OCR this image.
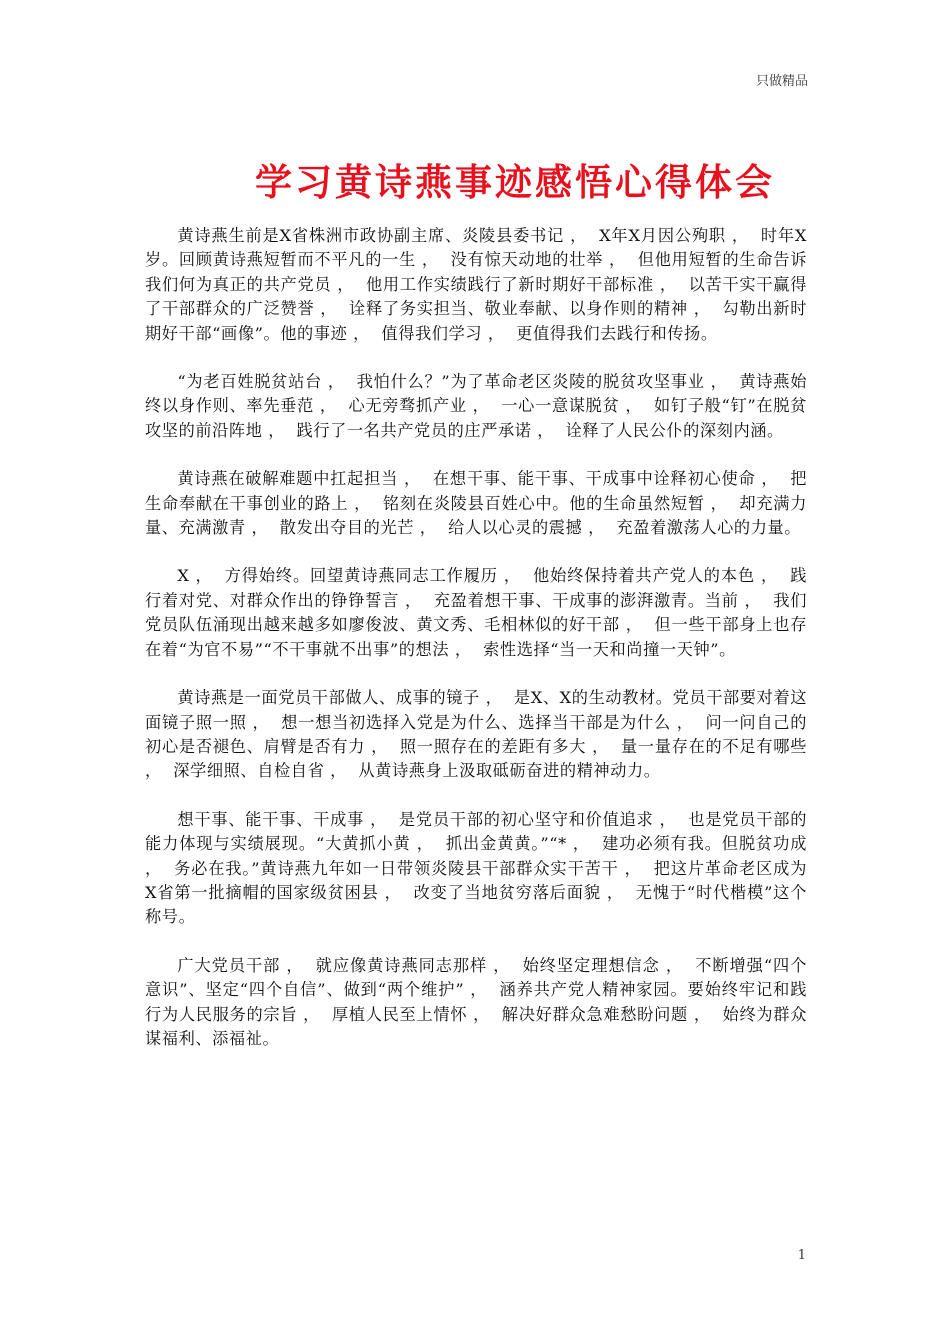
只做精品
学习黄诗燕事迹感悟心得体会

黄诗燕生前是X省株洲市政协副主席、炎陵县委书记 ，  X年X月因公殉职 ，  时年X岁。回顾黄诗燕短暂而不平凡的一生 ，  没有惊天动地的壮举 ，  但他用短暂的生命告诉我们何为真正的共产党员 ，  他用工作实绩践行了新时期好干部标准 ，  以苦干实干赢得了干部群众的广泛赞誉 ，  诠释了务实担当、敬业奉献、以身作则的精神 ，  勾勒出新时期好干部“画像”。他的事迹 ，  值得我们学习 ，  更值得我们去践行和传扬。

“为老百姓脱贫站台 ，  我怕什么？”为了革命老区炎陵的脱贫攻坚事业 ，  黄诗燕始终以身作则、率先垂范 ，  心无旁骛抓产业 ，  一心一意谋脱贫 ，  如钉子般“钉”在脱贫攻坚的前沿阵地 ，  践行了一名共产党员的庄严承诺 ，  诠释了人民公仆的深刻内涵。

黄诗燕在破解难题中扛起担当 ，  在想干事、能干事、干成事中诠释初心使命 ，  把生命奉献在干事创业的路上 ，  铭刻在炎陵县百姓心中。他的生命虽然短暂 ，  却充满力量、充满激青 ，  散发出夺目的光芒 ，  给人以心灵的震撼 ，  充盈着激荡人心的力量。

X ，  方得始终。回望黄诗燕同志工作履历 ，  他始终保持着共产党人的本色 ，  践行着对党、对群众作出的铮铮誓言 ，  充盈着想干事、干成事的澎湃激青。当前 ，  我们党员队伍涌现出越来越多如廖俊波、黄文秀、毛相林似的好干部 ，  但一些干部身上也存在着“为官不易”“不干事就不出事”的想法 ，  索性选择“当一天和尚撞一天钟”。

黄诗燕是一面党员干部做人、成事的镜子 ，  是X、X的生动教材。党员干部要对着这面镜子照一照 ，  想一想当初选择入党是为什么、选择当干部是为什么 ，  问一问自己的初心是否褪色、肩臂是否有力 ，  照一照存在的差距有多大 ，  量一量存在的不足有哪些 ，  深学细照、自检自省 ，  从黄诗燕身上汲取砥砺奋进的精神动力。

想干事、能干事、干成事 ，  是党员干部的初心坚守和价值追求 ，  也是党员干部的能力体现与实绩展现。“大黄抓小黄 ，  抓出金黄黄。”“* ，  建功必须有我。但脱贫功成 ，  务必在我。”黄诗燕九年如一日带领炎陵县干部群众实干苦干 ，  把这片革命老区成为X省第一批摘帽的国家级贫困县 ，  改变了当地贫穷落后面貌 ，  无愧于“时代楷模”这个称号。

广大党员干部 ，  就应像黄诗燕同志那样 ，  始终坚定理想信念 ，  不断增强“四个意识”、坚定“四个自信”、做到“两个维护” ，  涵养共产党人精神家园。要始终牢记和践行为人民服务的宗旨 ，  厚植人民至上情怀 ，  解决好群众急难愁盼问题 ，  始终为群众谋福利、添福祉。

1
